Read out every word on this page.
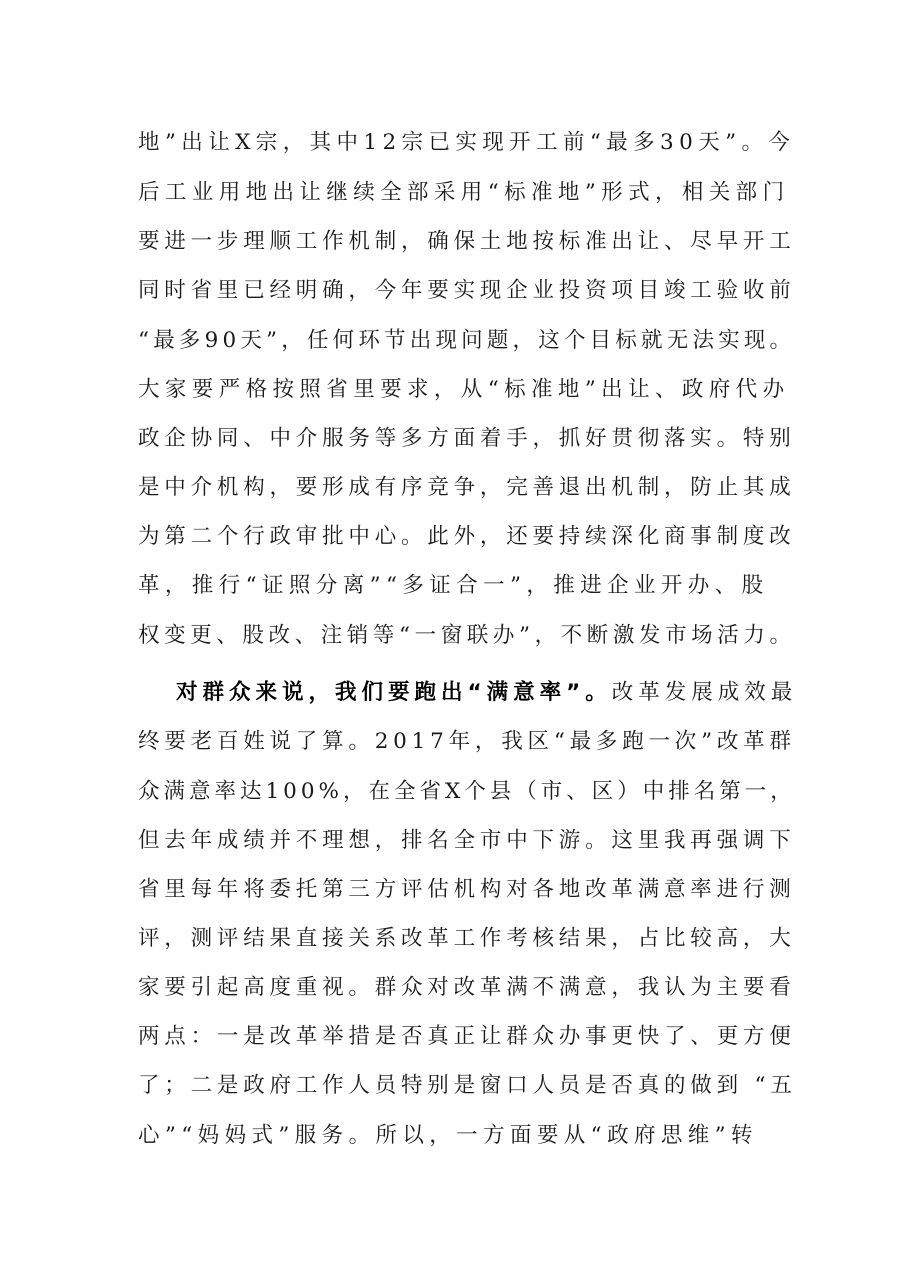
地”出让X宗，其中12宗已实现开工前“最多30天”。今
后工业用地出让继续全部采用“标准地”形式，相关部门
要进一步理顺工作机制，确保土地按标准出让、尽早开工
同时省里已经明确，今年要实现企业投资项目竣工验收前
“最多90天”，任何环节出现问题，这个目标就无法实现。
大家要严格按照省里要求，从“标准地”出让、政府代办
政企协同、中介服务等多方面着手，抓好贯彻落实。特别
是中介机构，要形成有序竞争，完善退出机制，防止其成
为第二个行政审批中心。此外，还要持续深化商事制度改
革，推行“证照分离”“多证合一”，推进企业开办、股
权变更、股改、注销等“一窗联办”，不断激发市场活力。
对群众来说，我们要跑出“满意率”。改革发展成效最
终要老百姓说了算。2017年，我区“最多跑一次”改革群
众满意率达100%，在全省X个县（市、区）中排名第一，
但去年成绩并不理想，排名全市中下游。这里我再强调下
省里每年将委托第三方评估机构对各地改革满意率进行测
评，测评结果直接关系改革工作考核结果，占比较高，大
家要引起高度重视。群众对改革满不满意，我认为主要看
两点：一是改革举措是否真正让群众办事更快了、更方便
了；二是政府工作人员特别是窗口人员是否真的做到 “五
心”“妈妈式”服务。所以，一方面要从“政府思维”转
